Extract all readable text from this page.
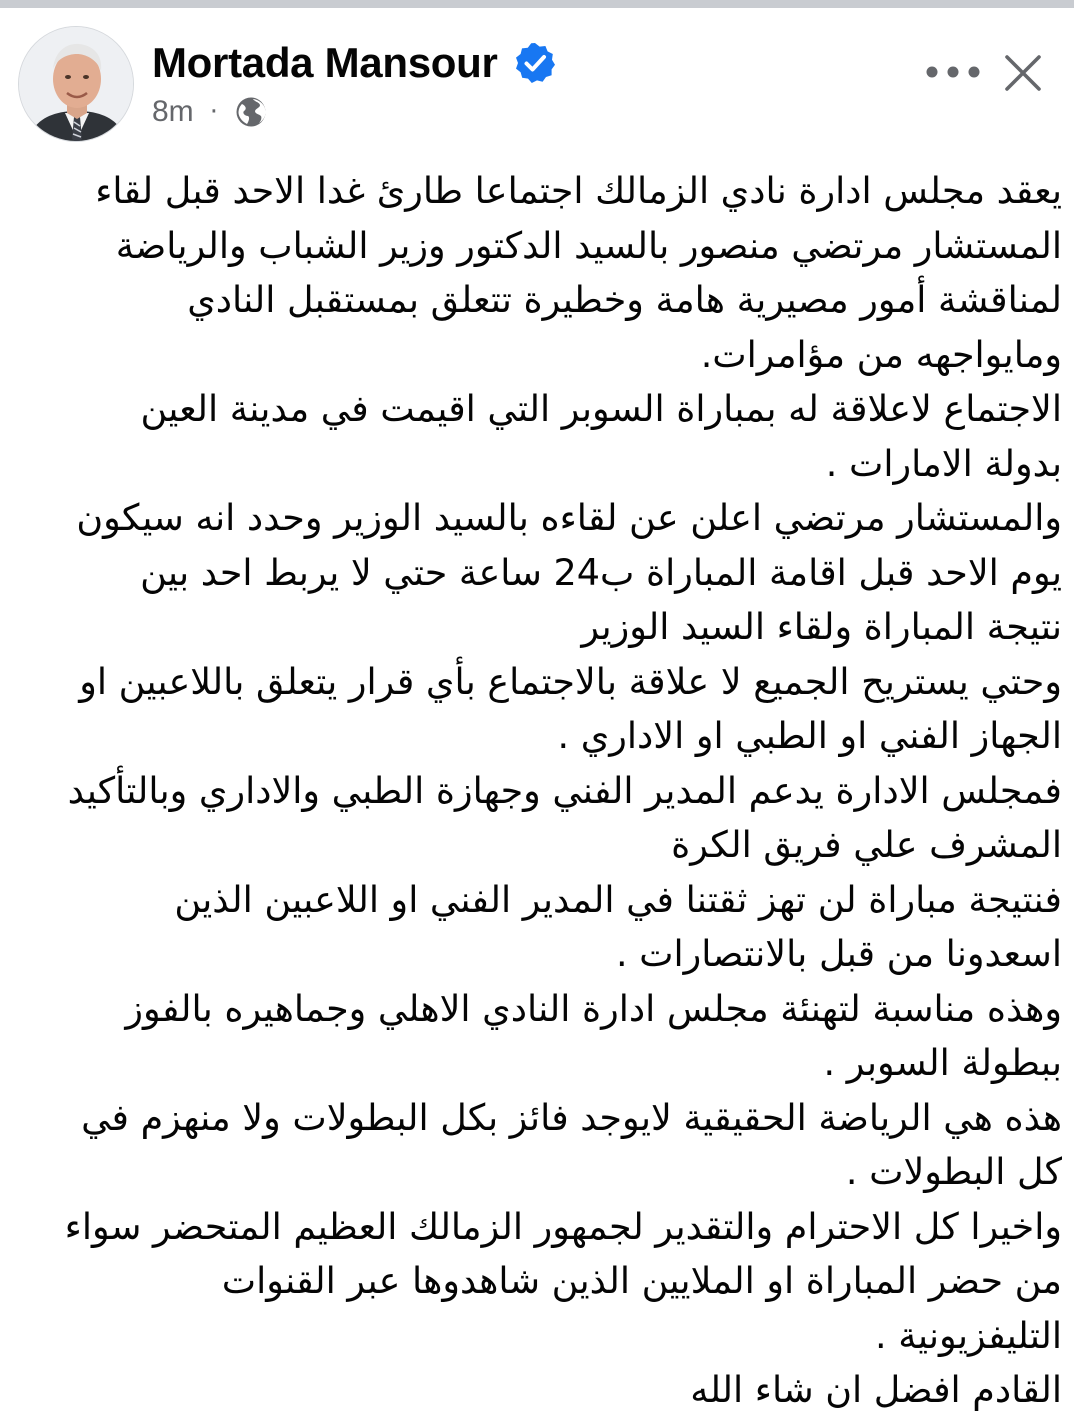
Mortada Mansour
8m ·
يعقد مجلس ادارة نادي الزمالك اجتماعا طارئ غدا الاحد قبل لقاء
المستشار مرتضي منصور بالسيد الدكتور وزير الشباب والرياضة
لمناقشة أمور مصيرية هامة وخطيرة تتعلق بمستقبل النادي
ومايواجهه من مؤامرات.
الاجتماع لاعلاقة له بمباراة السوبر التي اقيمت في مدينة العين
بدولة الامارات .
والمستشار مرتضي اعلن عن لقاءه بالسيد الوزير وحدد انه سيكون
يوم الاحد قبل اقامة المباراة ب24 ساعة حتي لا يربط احد بين
نتيجة المباراة ولقاء السيد الوزير
وحتي يستريح الجميع لا علاقة بالاجتماع بأي قرار يتعلق باللاعبين او
الجهاز الفني او الطبي او الاداري .
فمجلس الادارة يدعم المدير الفني وجهازة الطبي والاداري وبالتأكيد
المشرف علي فريق الكرة
فنتيجة مباراة لن تهز ثقتنا في المدير الفني او اللاعبين الذين
اسعدونا من قبل بالانتصارات .
وهذه مناسبة لتهنئة مجلس ادارة النادي الاهلي وجماهيره بالفوز
ببطولة السوبر .
هذه هي الرياضة الحقيقية لايوجد فائز بكل البطولات ولا منهزم في
كل البطولات .
واخيرا كل الاحترام والتقدير لجمهور الزمالك العظيم المتحضر سواء
من حضر المباراة او الملايين الذين شاهدوها عبر القنوات
التليفزيونية .
القادم افضل ان شاء الله
